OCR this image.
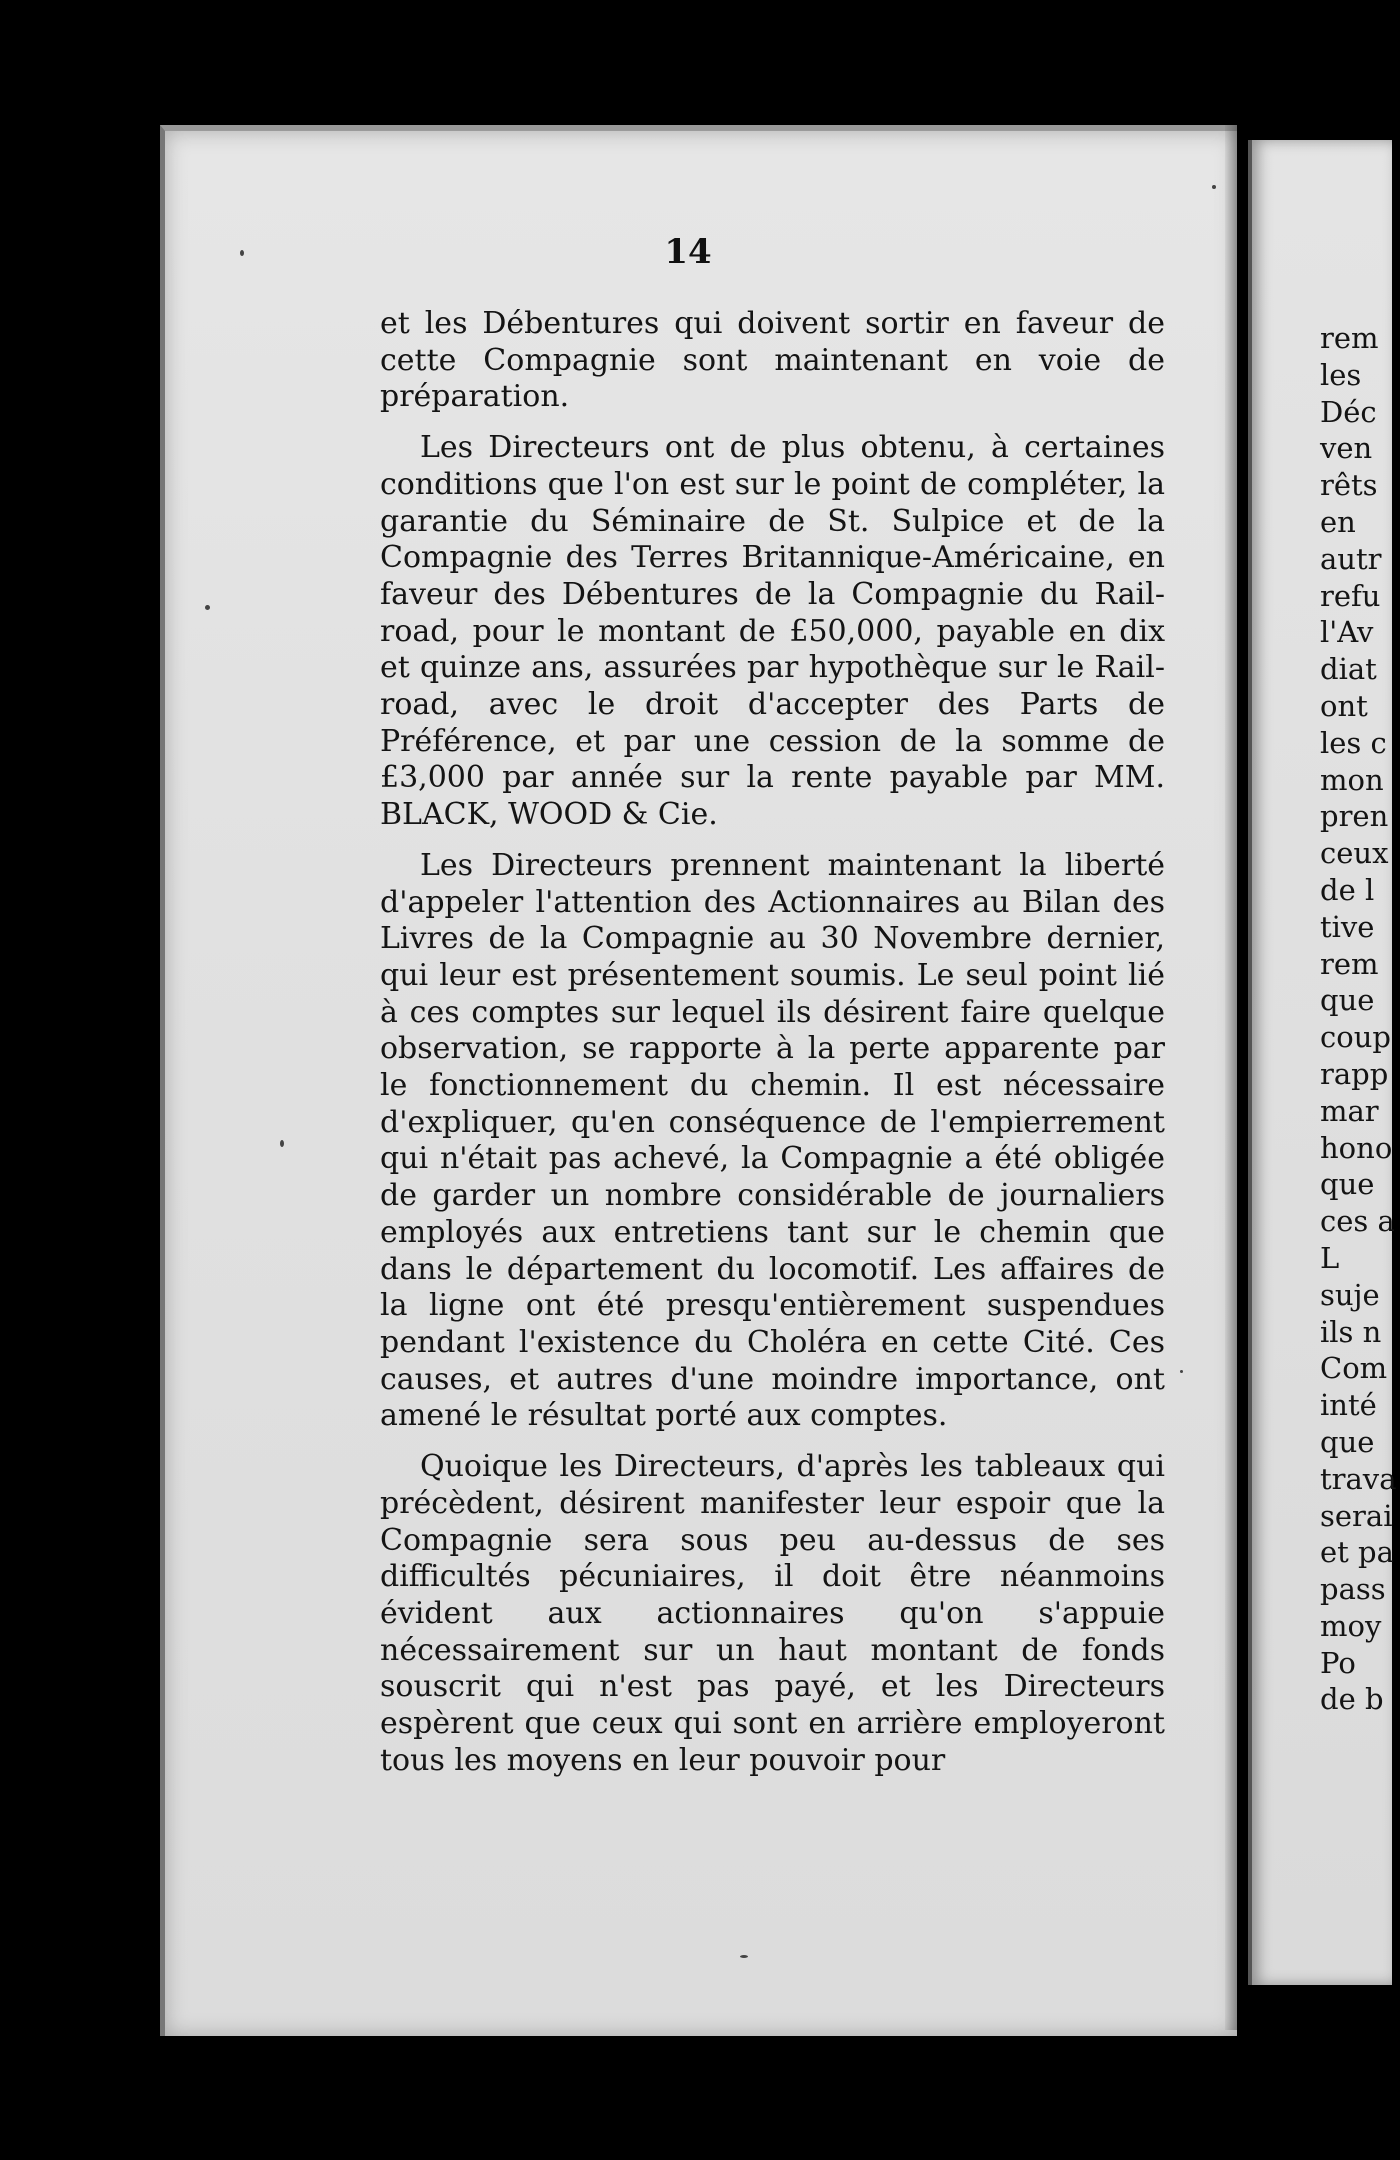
14

et les Débentures qui doivent sortir en faveur de cette Compagnie sont maintenant en voie de préparation.

Les Directeurs ont de plus obtenu, à certaines conditions que l'on est sur le point de compléter, la garantie du Séminaire de St. Sulpice et de la Compagnie des Terres Britannique-Américaine, en faveur des Débentures de la Compagnie du Rail-road, pour le montant de £50,000, payable en dix et quinze ans, assurées par hypothèque sur le Rail-road, avec le droit d'accepter des Parts de Préférence, et par une cession de la somme de £3,000 par année sur la rente payable par MM. BLACK, WOOD & Cie.

Les Directeurs prennent maintenant la liberté d'appeler l'attention des Actionnaires au Bilan des Livres de la Compagnie au 30 Novembre dernier, qui leur est présentement soumis. Le seul point lié à ces comptes sur lequel ils désirent faire quelque observation, se rapporte à la perte apparente par le fonctionnement du chemin. Il est nécessaire d'expliquer, qu'en conséquence de l'empierrement qui n'était pas achevé, la Compagnie a été obligée de garder un nombre considérable de journaliers employés aux entretiens tant sur le chemin que dans le département du locomotif. Les affaires de la ligne ont été presqu'entièrement suspendues pendant l'existence du Choléra en cette Cité. Ces causes, et autres d'une moindre importance, ont amené le résultat porté aux comptes.

Quoique les Directeurs, d'après les tableaux qui précèdent, désirent manifester leur espoir que la Compagnie sera sous peu au-dessus de ses difficultés pécuniaires, il doit être néanmoins évident aux actionnaires qu'on s'appuie nécessairement sur un haut montant de fonds souscrit qui n'est pas payé, et les Directeurs espèrent que ceux qui sont en arrière employeront tous les moyens en leur pouvoir pour

rem
les
Déc
ven
rêts
en
autr
refu
l'Av
diat
ont
les c
mon
pren
ceux
de l
tive
rem
que
coup
rapp
mar
hono
que
ces a
L
suje
ils n
Com
inté
que
trava
serai
et pa
pass
moy
Po
de b
